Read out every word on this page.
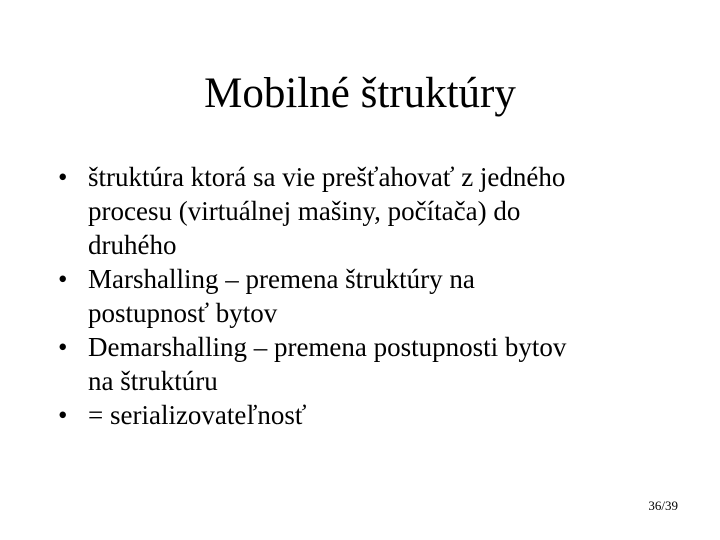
Mobilné štruktúry
• štruktúra ktorá sa vie prešťahovať z jedného
procesu (virtuálnej mašiny, počítača) do
druhého
• Marshalling – premena štruktúry na
postupnosť bytov
• Demarshalling – premena postupnosti bytov
na štruktúru
• = serializovateľnosť
36/39
